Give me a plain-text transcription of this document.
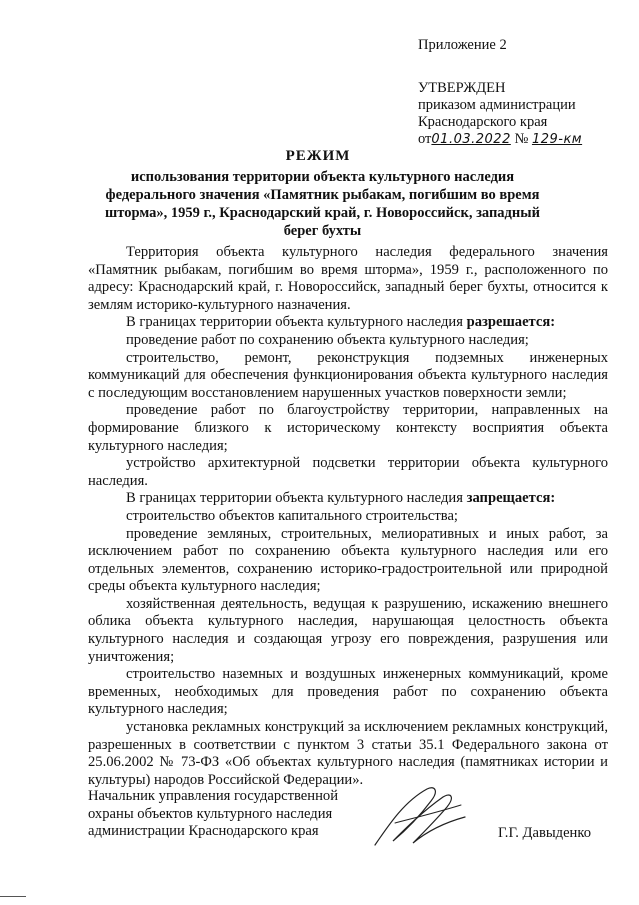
Приложение 2
УТВЕРЖДЕН
приказом администрации
Краснодарского края
от01.03.2022 № 129-км
РЕЖИМ
использования территории объекта культурного наследия федерального значения «Памятник рыбакам, погибшим во время шторма», 1959 г., Краснодарский край, г. Новороссийск, западный берег бухты

Территория объекта культурного наследия федерального значения «Памятник рыбакам, погибшим во время шторма», 1959 г., расположенного по адресу: Краснодарский край, г. Новороссийск, западный берег бухты, относится к землям историко-культурного назначения.

В границах территории объекта культурного наследия разрешается:

проведение работ по сохранению объекта культурного наследия;

строительство, ремонт, реконструкция подземных инженерных коммуникаций для обеспечения функционирования объекта культурного наследия с последующим восстановлением нарушенных участков поверхности земли;

проведение работ по благоустройству территории, направленных на формирование близкого к историческому контексту восприятия объекта культурного наследия;

устройство архитектурной подсветки территории объекта культурного наследия.

В границах территории объекта культурного наследия запрещается:

строительство объектов капитального строительства;

проведение земляных, строительных, мелиоративных и иных работ, за исключением работ по сохранению объекта культурного наследия или его отдельных элементов, сохранению историко-градостроительной или природной среды объекта культурного наследия;

хозяйственная деятельность, ведущая к разрушению, искажению внешнего облика объекта культурного наследия, нарушающая целостность объекта культурного наследия и создающая угрозу его повреждения, разрушения или уничтожения;

строительство наземных и воздушных инженерных коммуникаций, кроме временных, необходимых для проведения работ по сохранению объекта культурного наследия;

установка рекламных конструкций за исключением рекламных конструкций, разрешенных в соответствии с пунктом 3 статьи 35.1 Федерального закона от 25.06.2002 № 73-ФЗ «Об объектах культурного наследия (памятниках истории и культуры) народов Российской Федерации».

Начальник управления государственной
охраны объектов культурного наследия
администрации Краснодарского края	Г.Г. Давыденко
